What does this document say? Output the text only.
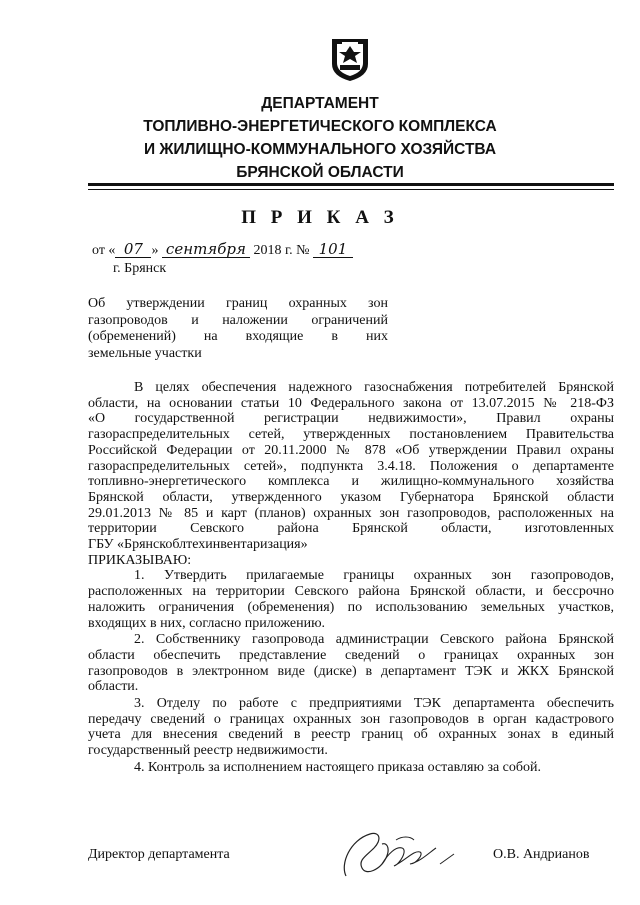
ДЕПАРТАМЕНТ
ТОПЛИВНО-ЭНЕРГЕТИЧЕСКОГО КОМПЛЕКСА
И ЖИЛИЩНО-КОММУНАЛЬНОГО ХОЗЯЙСТВА
БРЯНСКОЙ ОБЛАСТИ
П Р И К А З
от « 07 » сентября 2018 г. № 101
г. Брянск
Об утверждении границ охранных зон
газопроводов и наложении ограничений
(обременений) на входящие в них
земельные участки

В целях обеспечения надежного газоснабжения потребителей Брянской
области, на основании статьи 10 Федерального закона от 13.07.2015 № 218-ФЗ
«О государственной регистрации недвижимости», Правил охраны
газораспределительных сетей, утвержденных постановлением Правительства
Российской Федерации от 20.11.2000 № 878 «Об утверждении Правил охраны
газораспределительных сетей», подпункта 3.4.18. Положения о департаменте
топливно-энергетического комплекса и жилищно-коммунального хозяйства
Брянской области, утвержденного указом Губернатора Брянской области
29.01.2013 № 85 и карт (планов) охранных зон газопроводов, расположенных на
территории Севского района Брянской области, изготовленных
ГБУ «Брянскоблтехинвентаризация»

ПРИКАЗЫВАЮ:

1. Утвердить прилагаемые границы охранных зон газопроводов,
расположенных на территории Севского района Брянской области, и бессрочно
наложить ограничения (обременения) по использованию земельных участков,
входящих в них, согласно приложению.

2. Собственнику газопровода администрации Севского района Брянской
области обеспечить представление сведений о границах охранных зон
газопроводов в электронном виде (диске) в департамент ТЭК и ЖКХ Брянской
области.

3. Отделу по работе с предприятиями ТЭК департамента обеспечить
передачу сведений о границах охранных зон газопроводов в орган кадастрового
учета для внесения сведений в реестр границ об охранных зонах в единый
государственный реестр недвижимости.

4. Контроль за исполнением настоящего приказа оставляю за собой.

Директор департамента	О.В. Андрианов
